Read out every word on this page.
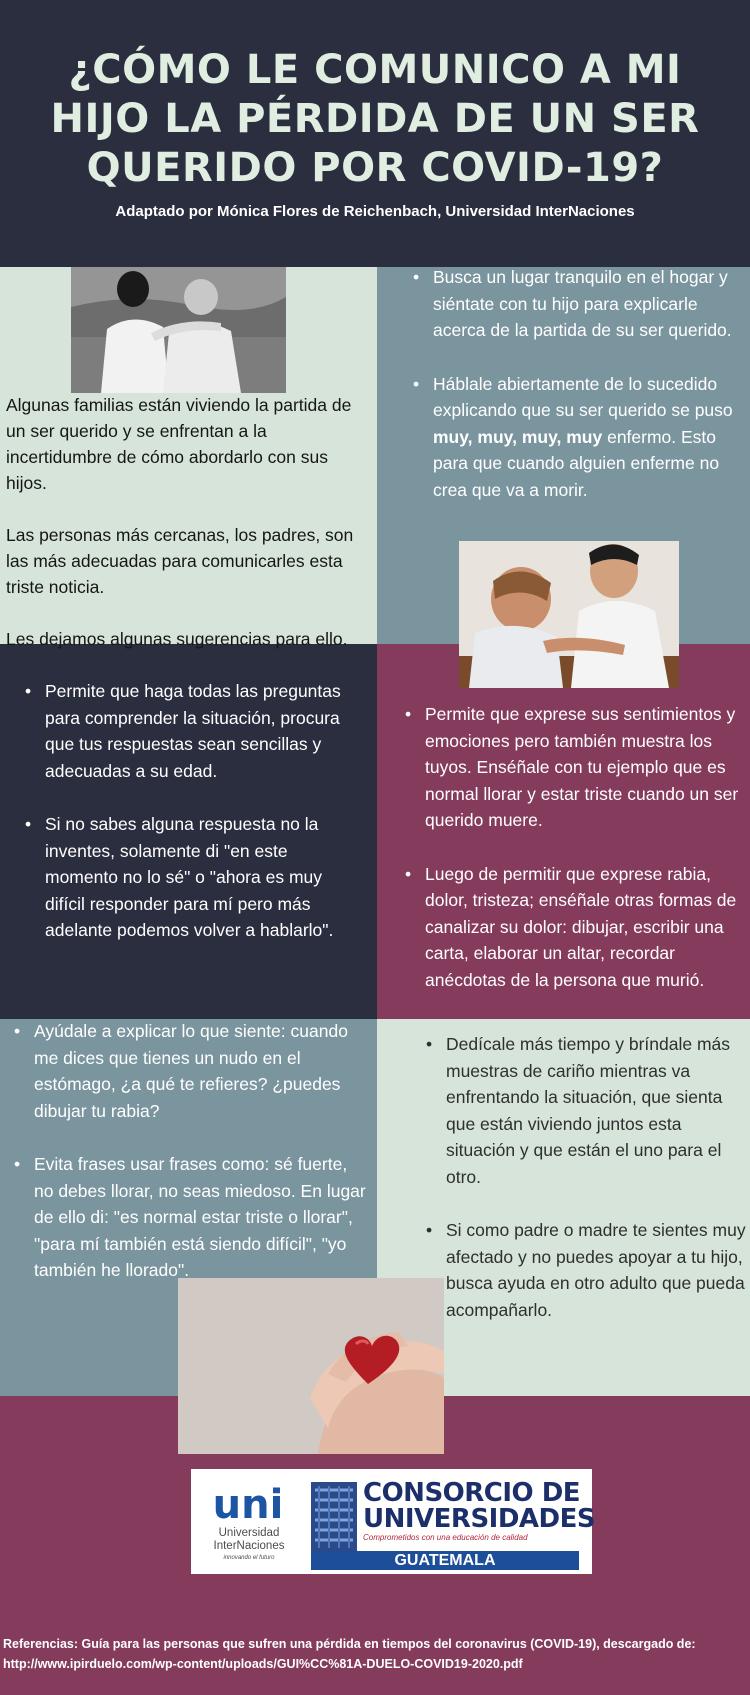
¿CÓMO LE COMUNICO A MI HIJO LA PÉRDIDA DE UN SER QUERIDO POR COVID-19?

Adaptado por Mónica Flores de Reichenbach, Universidad InterNaciones

Algunas familias están viviendo la partida de un ser querido y se enfrentan a la incertidumbre de cómo abordarlo con sus hijos.

Las personas más cercanas, los padres, son las más adecuadas para comunicarles esta triste noticia.

Les dejamos algunas sugerencias para ello.

• Busca un lugar tranquilo en el hogar y siéntate con tu hijo para explicarle acerca de la partida de su ser querido.
• Háblale abiertamente de lo sucedido explicando que su ser querido se puso muy, muy, muy, muy enfermo. Esto para que cuando alguien enferme no crea que va a morir.
• Permite que haga todas las preguntas para comprender la situación, procura que tus respuestas sean sencillas y adecuadas a su edad.
• Si no sabes alguna respuesta no la inventes, solamente di "en este momento no lo sé" o "ahora es muy difícil responder para mí pero más adelante podemos volver a hablarlo".
• Permite que exprese sus sentimientos y emociones pero también muestra los tuyos. Enséñale con tu ejemplo que es normal llorar y estar triste cuando un ser querido muere.
• Luego de permitir que exprese rabia, dolor, tristeza; enséñale otras formas de canalizar su dolor: dibujar, escribir una carta, elaborar un altar, recordar anécdotas de la persona que murió.
• Ayúdale a explicar lo que siente: cuando me dices que tienes un nudo en el estómago, ¿a qué te refieres? ¿puedes dibujar tu rabia?
• Evita frases usar frases como: sé fuerte, no debes llorar, no seas miedoso. En lugar de ello di: "es normal estar triste o llorar", "para mí también está siendo difícil", "yo también he llorado".
• Dedícale más tiempo y bríndale más muestras de cariño mientras va enfrentando la situación, que sienta que están viviendo juntos esta situación y que están el uno para el otro.
• Si como padre o madre te sientes muy afectado y no puedes apoyar a tu hijo, busca ayuda en otro adulto que pueda acompañarlo.
uni
Universidad
InterNaciones
innovando el futuro
CONSORCIO DE
UNIVERSIDADES
Comprometidos con una educación de calidad
GUATEMALA
Referencias: Guía para las personas que sufren una pérdida en tiempos del coronavirus (COVID-19), descargado de:
http://www.ipirduelo.com/wp-content/uploads/GUI%CC%81A-DUELO-COVID19-2020.pdf
